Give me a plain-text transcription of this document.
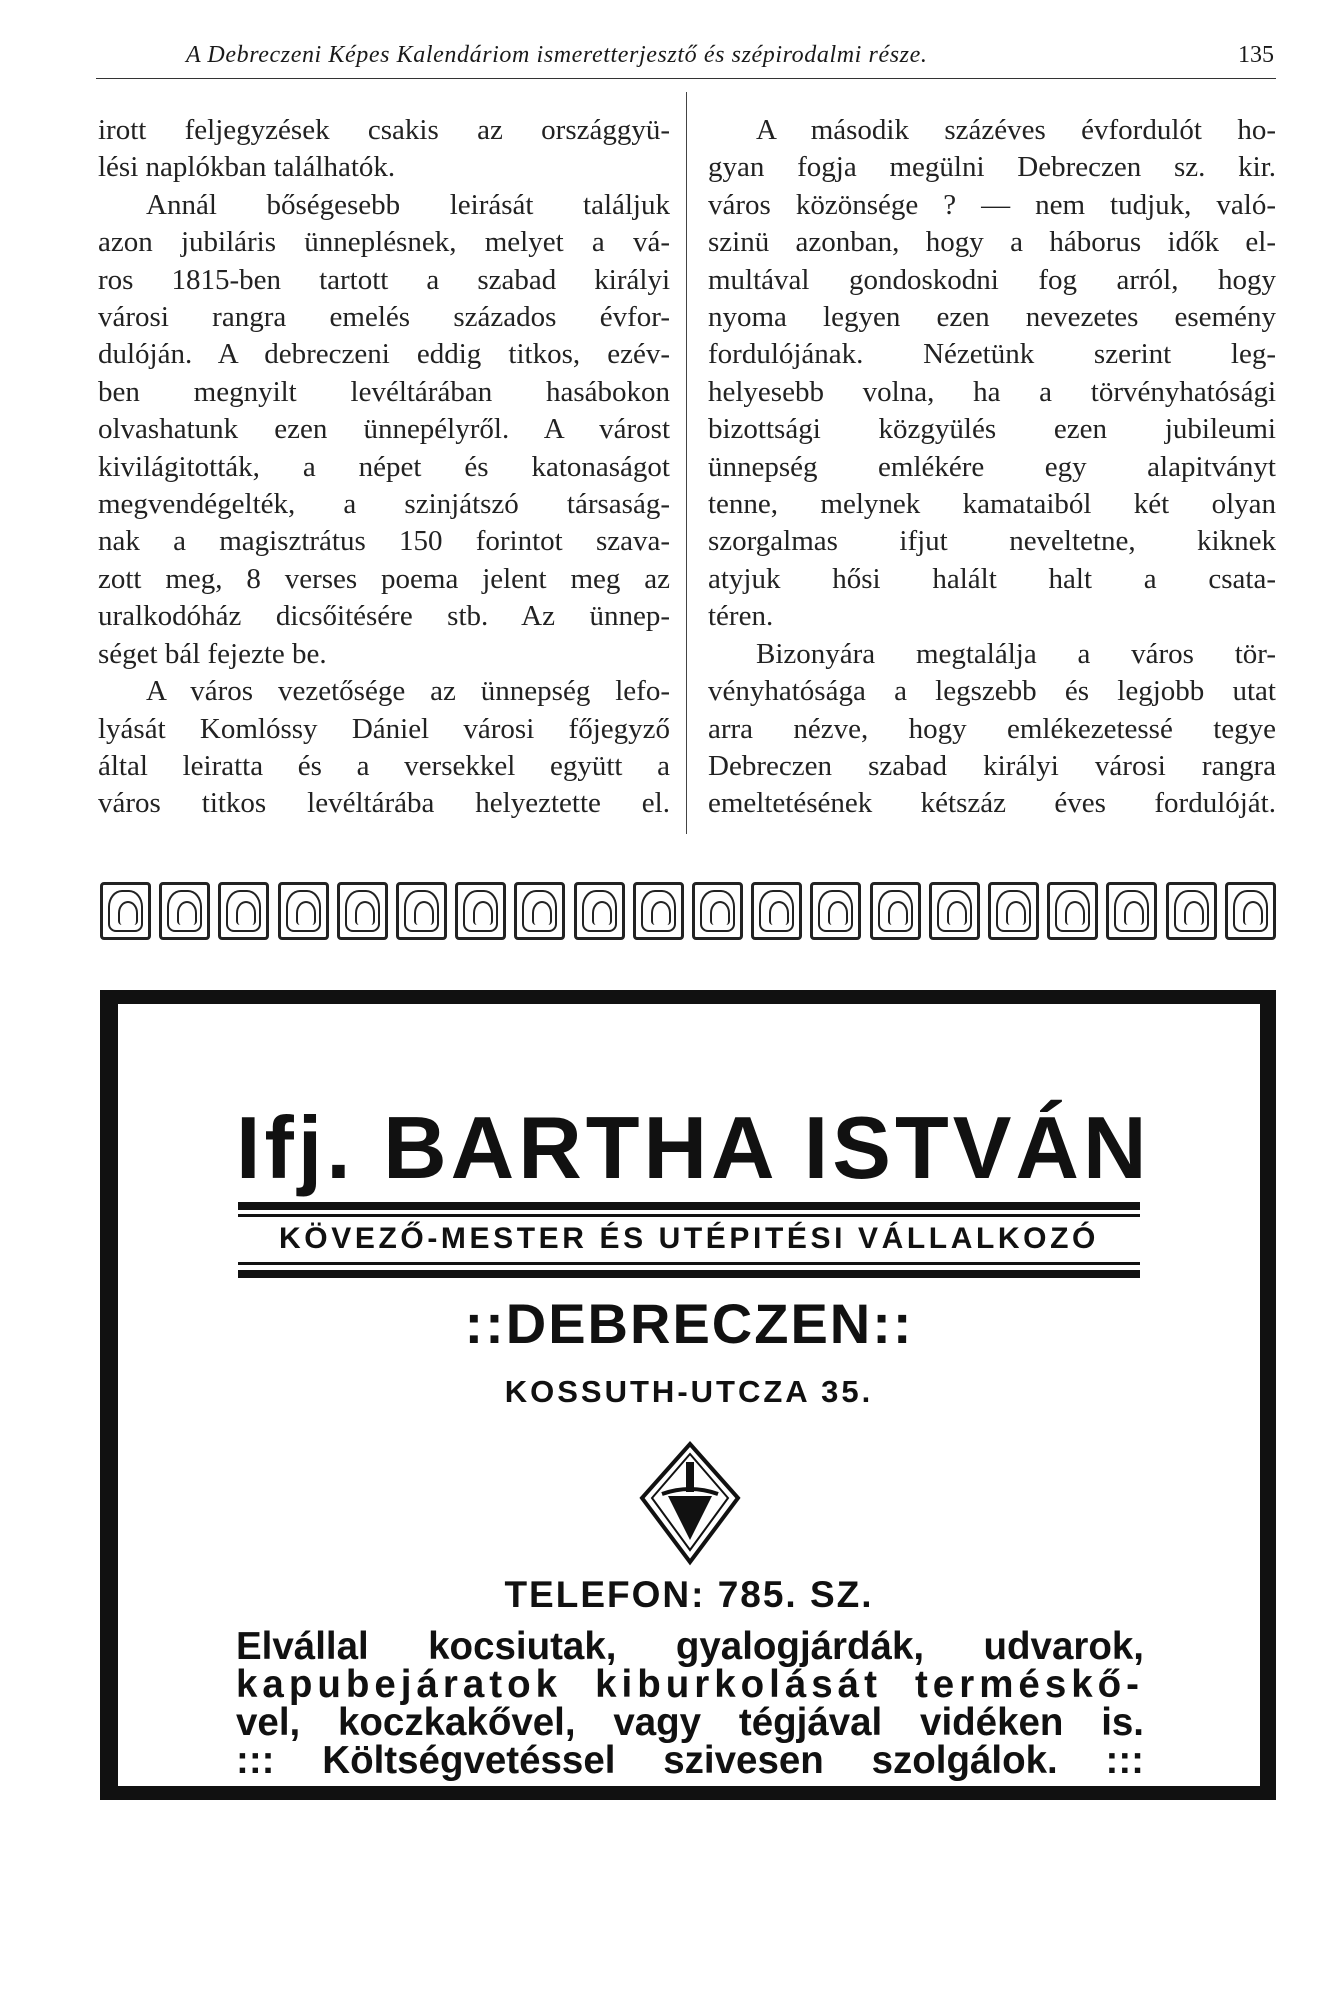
A Debreczeni Képes Kalendáriom ismeretterjesztő és szépirodalmi része.	135

irott feljegyzések csakis az országgyü-
lési naplókban találhatók.

Annál bőségesebb leirását találjuk
azon jubiláris ünneplésnek, melyet a vá-
ros 1815-ben tartott a szabad királyi
városi rangra emelés százados évfor-
dulóján. A debreczeni eddig titkos, ezév-
ben megnyilt levéltárában hasábokon
olvashatunk ezen ünnepélyről. A várost
kivilágitották, a népet és katonaságot
megvendégelték, a szinjátszó társaság-
nak a magisztrátus 150 forintot szava-
zott meg, 8 verses poema jelent meg az
uralkodóház dicsőitésére stb. Az ünnep-
séget bál fejezte be.

A város vezetősége az ünnepség lefo-
lyását Komlóssy Dániel városi főjegyző
által leiratta és a versekkel együtt a
város titkos levéltárába helyeztette el.

A második százéves évfordulót ho-
gyan fogja megülni Debreczen sz. kir.
város közönsége ? — nem tudjuk, való-
szinü azonban, hogy a háborus idők el-
multával gondoskodni fog arról, hogy
nyoma legyen ezen nevezetes esemény
fordulójának. Nézetünk szerint leg-
helyesebb volna, ha a törvényhatósági
bizottsági közgyülés ezen jubileumi
ünnepség emlékére egy alapitványt
tenne, melynek kamataiból két olyan
szorgalmas ifjut neveltetne, kiknek
atyjuk hősi halált halt a csata-
téren.

Bizonyára megtalálja a város tör-
vényhatósága a legszebb és legjobb utat
arra nézve, hogy emlékezetessé tegye
Debreczen szabad királyi városi rangra
emeltetésének kétszáz éves fordulóját.

Ifj. BARTHA ISTVÁN
KÖVEZŐ-MESTER ÉS UTÉPITÉSI VÁLLALKOZÓ
::DEBRECZEN::
KOSSUTH-UTCZA 35.
TELEFON: 785. SZ.
Elvállal kocsiutak, gyalogjárdák, udvarok,
kapubejáratok kiburkolását terméskő-
vel, koczkakővel, vagy tégjával vidéken is.
::: Költségvetéssel szivesen szolgálok. :::
